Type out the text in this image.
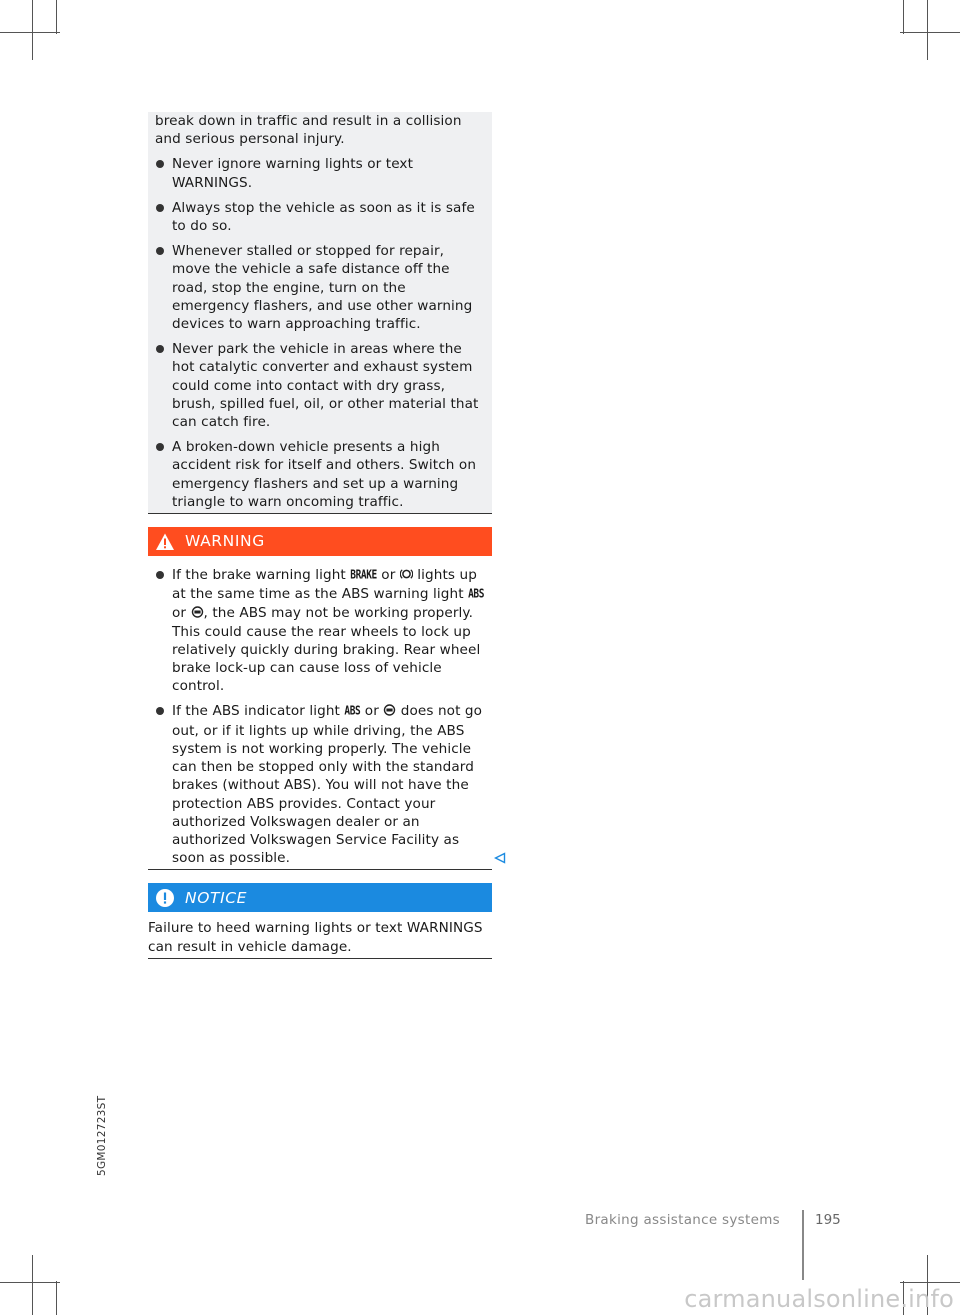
break down in traffic and result in a collision and serious personal injury.

Never ignore warning lights or text WARNINGS.
Always stop the vehicle as soon as it is safe to do so.
Whenever stalled or stopped for repair, move the vehicle a safe distance off the road, stop the engine, turn on the emergency flashers, and use other warning devices to warn approaching traffic.
Never park the vehicle in areas where the hot catalytic converter and exhaust system could come into contact with dry grass, brush, spilled fuel, oil, or other material that can catch fire.
A broken-down vehicle presents a high accident risk for itself and others. Switch on emergency flashers and set up a warning triangle to warn oncoming traffic.
WARNING
If the brake warning light BRAKE or  lights up at the same time as the ABS warning light ABS
or , the ABS may not be working properly. This could cause the rear wheels to lock up relatively quickly during braking. Rear wheel brake lock-up can cause loss of vehicle control.
If the ABS indicator light ABS or  does not go out, or if it lights up while driving, the ABS system is not working properly. The vehicle can then be stopped only with the standard brakes (without ABS). You will not have the protection ABS provides. Contact your authorized Volkswagen dealer or an authorized Volkswagen Service Facility as soon as possible.
NOTICE

Failure to heed warning lights or text WARNINGS can result in vehicle damage.

5GM012723ST
Braking assistance systems	195
carmanualsonline.info
